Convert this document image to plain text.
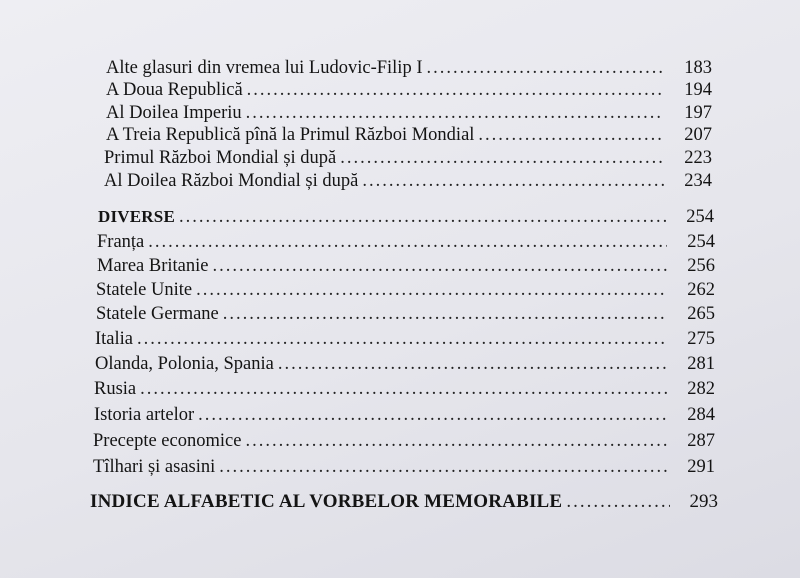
Alte glasuri din vremea lui Ludovic-Filip I .....	183
A Doua Republică .....	194
Al Doilea Imperiu .....	197
A Treia Republică pînă la Primul Război Mondial .....	207
Primul Război Mondial și după .....	223
Al Doilea Război Mondial și după .....	234
DIVERSE .....	254
Franța .....	254
Marea Britanie .....	256
Statele Unite .....	262
Statele Germane .....	265
Italia .....	275
Olanda, Polonia, Spania .....	281
Rusia .....	282
Istoria artelor .....	284
Precepte economice .....	287
Tîlhari și asasini .....	291
INDICE ALFABETIC AL VORBELOR MEMORABILE .....	293
